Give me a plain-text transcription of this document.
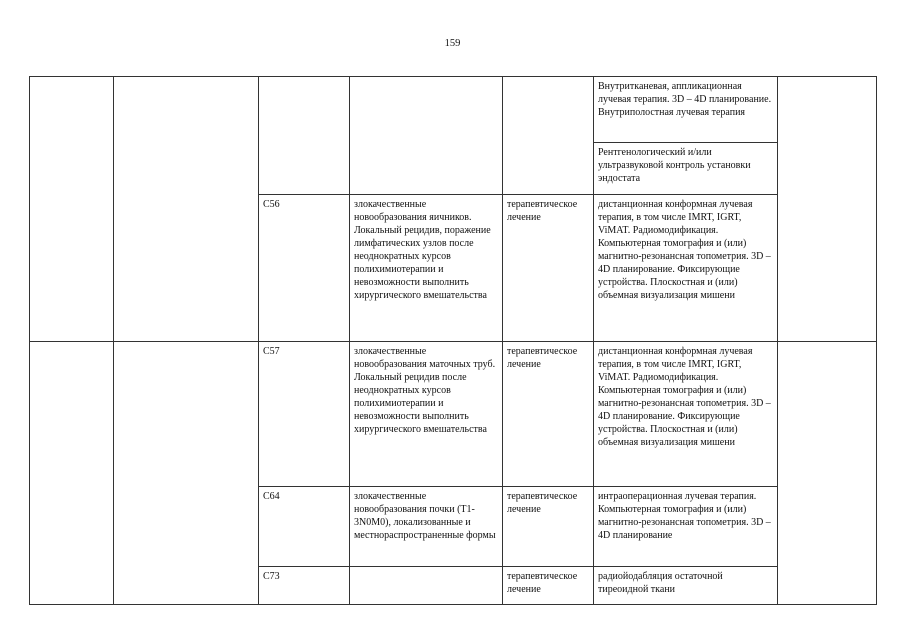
159
					Внутритканевая, аппликационная лучевая терапия. 3D – 4D планирование. Внутриполостная лучевая терапия	
					Рентгенологический и/или ультразвуковой контроль установки эндостата	
		C56	злокачественные новообразования яичников. Локальный рецидив, поражение лимфатических узлов после неоднократных курсов полихимиотерапии и невозможности выполнить хирургического вмешательства	терапевтическое лечение	дистанционная конформная лучевая терапия, в том числе IMRT, IGRT, ViMAT. Радиомодификация. Компьютерная томография и (или) магнитно-резонансная топометрия. 3D – 4D планирование. Фиксирующие устройства. Плоскостная и (или) объемная визуализация мишени	
		C57	злокачественные новообразования маточных труб. Локальный рецидив после неоднократных курсов полихимиотерапии и невозможности выполнить хирургического вмешательства	терапевтическое лечение	дистанционная конформная лучевая терапия, в том числе IMRT, IGRT, ViMAT. Радиомодификация. Компьютерная томография и (или) магнитно-резонансная топометрия. 3D – 4D планирование. Фиксирующие устройства. Плоскостная и (или) объемная визуализация мишени	
		C64	злокачественные новообразования почки (T1-3N0M0), локализованные и местнораспространенные формы	терапевтическое лечение	интраоперационная лучевая терапия. Компьютерная томография и (или) магнитно-резонансная топометрия. 3D – 4D планирование	
		C73		терапевтическое лечение	радиойодабляция остаточной тиреоидной ткани	
